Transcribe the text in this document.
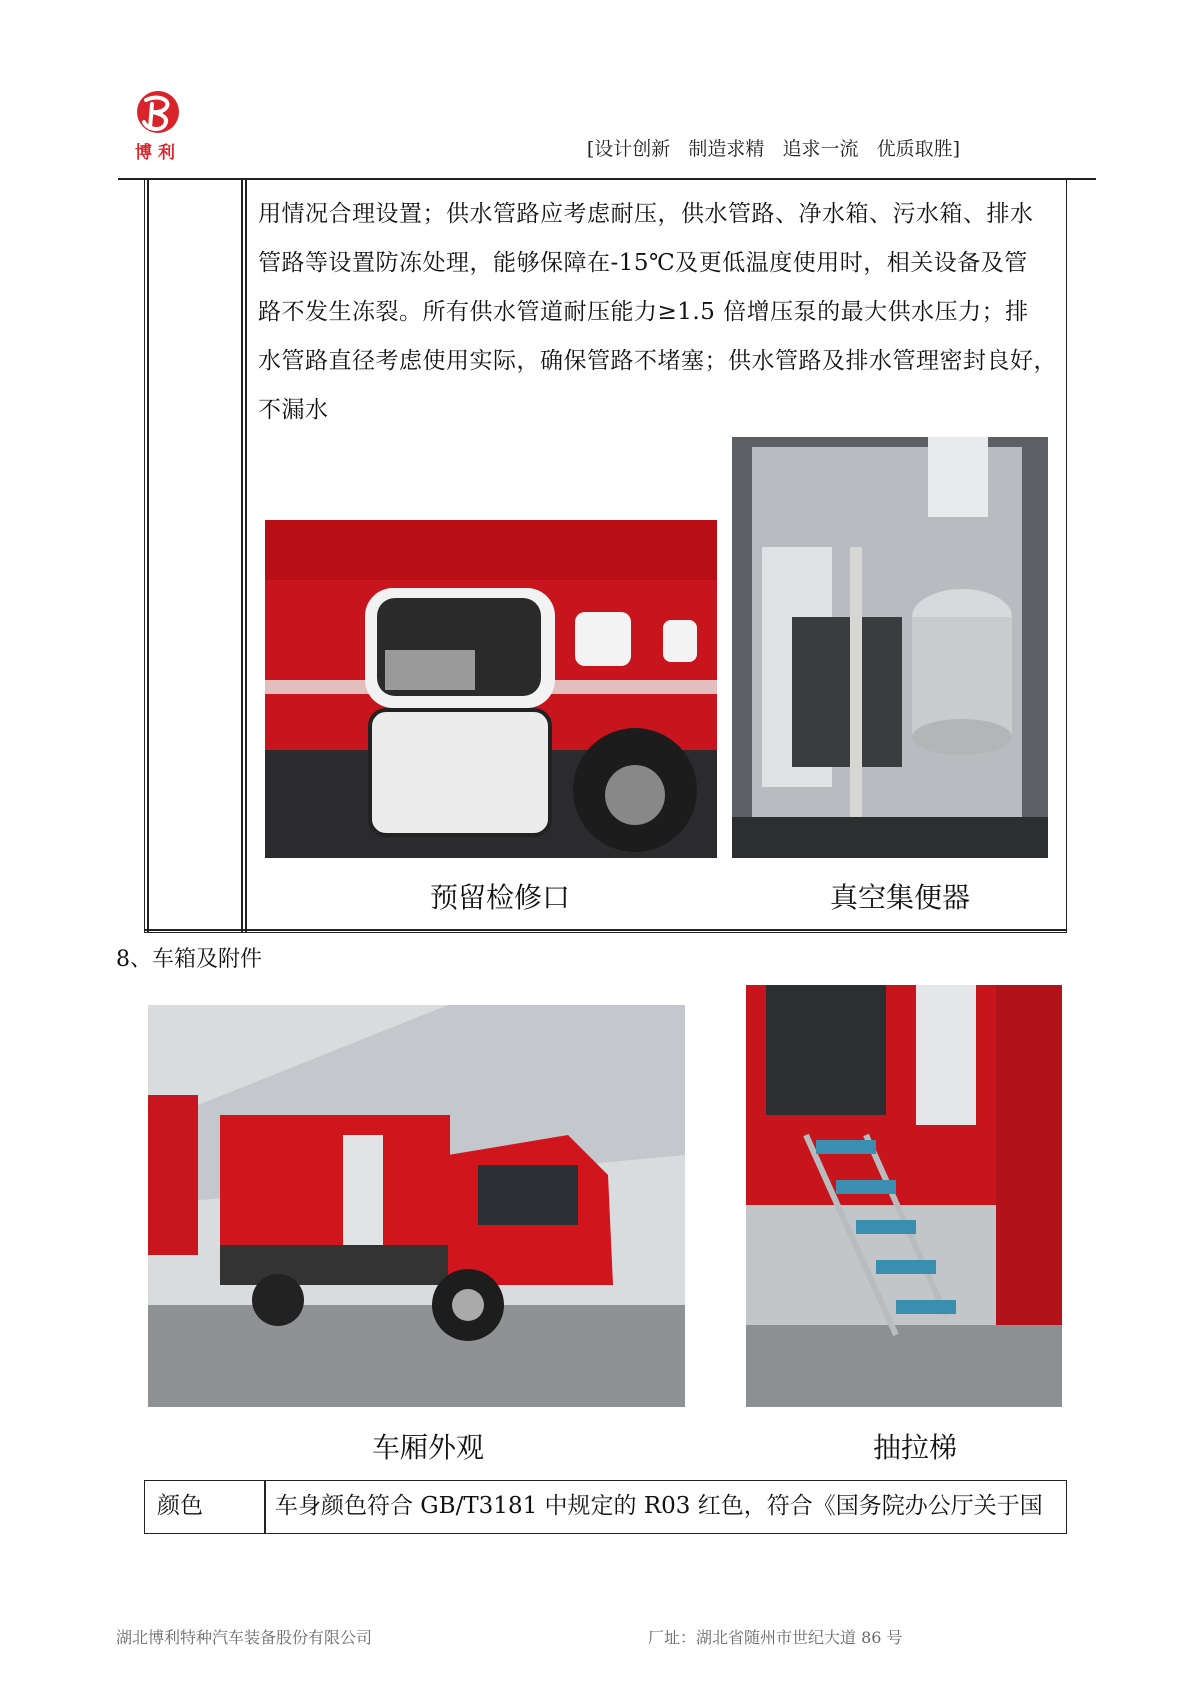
博利	[设计创新   制造求精   追求一流   优质取胜]
用情况合理设置；供水管路应考虑耐压，供水管路、净水箱、污水箱、排水
管路等设置防冻处理，能够保障在-15℃及更低温度使用时，相关设备及管
路不发生冻裂。所有供水管道耐压能力≥1.5 倍增压泵的最大供水压力；排
水管路直径考虑使用实际，确保管路不堵塞；供水管路及排水管理密封良好，
不漏水
预留检修口	真空集便器
8、车箱及附件
车厢外观	抽拉梯
颜色	车身颜色符合 GB/T3181 中规定的 R03 红色，符合《国务院办公厅关于国
湖北博利特种汽车装备股份有限公司	厂址：湖北省随州市世纪大道 86 号
